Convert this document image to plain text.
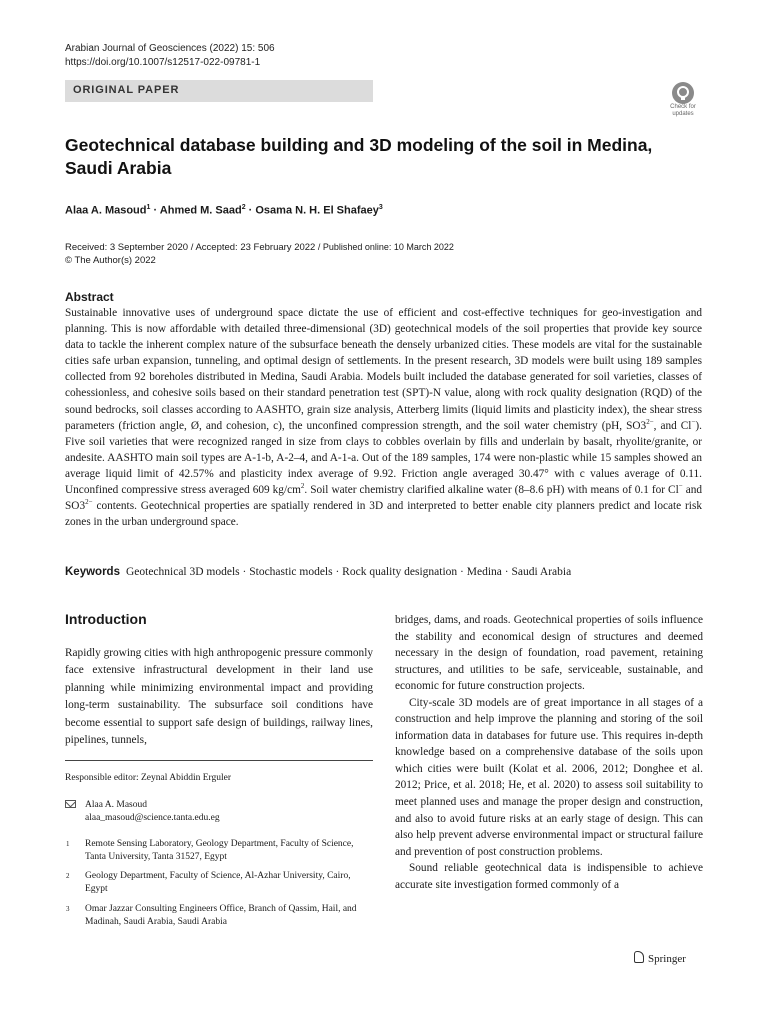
Arabian Journal of Geosciences (2022) 15: 506
https://doi.org/10.1007/s12517-022-09781-1
ORIGINAL PAPER
Check for
updates
Geotechnical database building and 3D modeling of the soil in Medina, Saudi Arabia
Alaa A. Masoud$^1$ · Ahmed M. Saad$^2$ · Osama N. H. El Shafaey$^3$
Received: 3 September 2020 / Accepted: 23 February 2022 / Published online: 10 March 2022
© The Author(s) 2022
Abstract
Sustainable innovative uses of underground space dictate the use of efficient and cost-effective techniques for geo-investigation and planning. This is now affordable with detailed three-dimensional (3D) geotechnical models of the soil properties that provide key source data to tackle the inherent complex nature of the subsurface beneath the densely urbanized cities. These models are vital for the sustainable cities safe urban expansion, tunneling, and optimal design of settlements. In the present research, 3D models were built using 189 samples collected from 92 boreholes distributed in Medina, Saudi Arabia. Models built included the database generated for soil varieties, classes of cohessionless, and cohesive soils based on their standard penetration test (SPT)-N value, along with rock quality designation (RQD) of the sound bedrocks, soil classes according to AASHTO, grain size analysis, Atterberg limits (liquid limits and plasticity index), the shear stress parameters (friction angle, Ø, and cohesion, c), the unconfined compression strength, and the soil water chemistry (pH, $SO3^{2-}$, and Cl−). Five soil varieties that were recognized ranged in size from clays to cobbles overlain by fills and underlain by basalt, rhyolite/granite, or andesite. AASHTO main soil types are A-1-b, A-2–4, and A-1-a. Out of the 189 samples, 174 were non-plastic while 15 samples showed an average liquid limit of 42.57% and plasticity index average of 9.92. Friction angle averaged 30.47° with c values average of 0.11. Unconfined compressive stress averaged 609 $kg/cm^2$. Soil water chemistry clarified alkaline water (8–8.6 pH) with means of 0.1 for Cl− and $SO3^{2-}$ contents. Geotechnical properties are spatially rendered in 3D and interpreted to better enable city planners predict and locate risk zones in the urban underground space.
Keywords Geotechnical 3D models · Stochastic models · Rock quality designation · Medina · Saudi Arabia
Introduction
Rapidly growing cities with high anthropogenic pressure commonly face extensive infrastructural development in their land use planning while minimizing environmental impact and providing long-term sustainability. The subsurface soil conditions have become essential to support safe design of buildings, railway lines, pipelines, tunnels,

bridges, dams, and roads. Geotechnical properties of soils influence the stability and economical design of structures and deemed necessary in the design of foundation, road pavement, retaining structures, and utilities to be safe, serviceable, sustainable, and economic for future construction projects.

City-scale 3D models are of great importance in all stages of a construction and help improve the planning and storing of the soil information data in databases for future use. This requires in-depth knowledge based on a comprehensive database of the soils upon which cities were built (Kolat et al. 2006, 2012; Donghee et al. 2012; Price, et al. 2018; He, et al. 2020) to assess soil suitability to meet planned uses and manage the proper design and construction, and also to avoid future risks at an early stage of design. This can also help prevent adverse environmental impact or structural failure and prevention of post construction problems.

Sound reliable geotechnical data is indispensible to achieve accurate site investigation formed commonly of a

Responsible editor: Zeynal Abiddin Erguler
Alaa A. Masoud
alaa_masoud@science.tanta.edu.eg
1 Remote Sensing Laboratory, Geology Department, Faculty of Science, Tanta University, Tanta 31527, Egypt
2 Geology Department, Faculty of Science, Al-Azhar University, Cairo, Egypt
3 Omar Jazzar Consulting Engineers Office, Branch of Qassim, Hail, and Madinah, Saudi Arabia, Saudi Arabia
Springer
